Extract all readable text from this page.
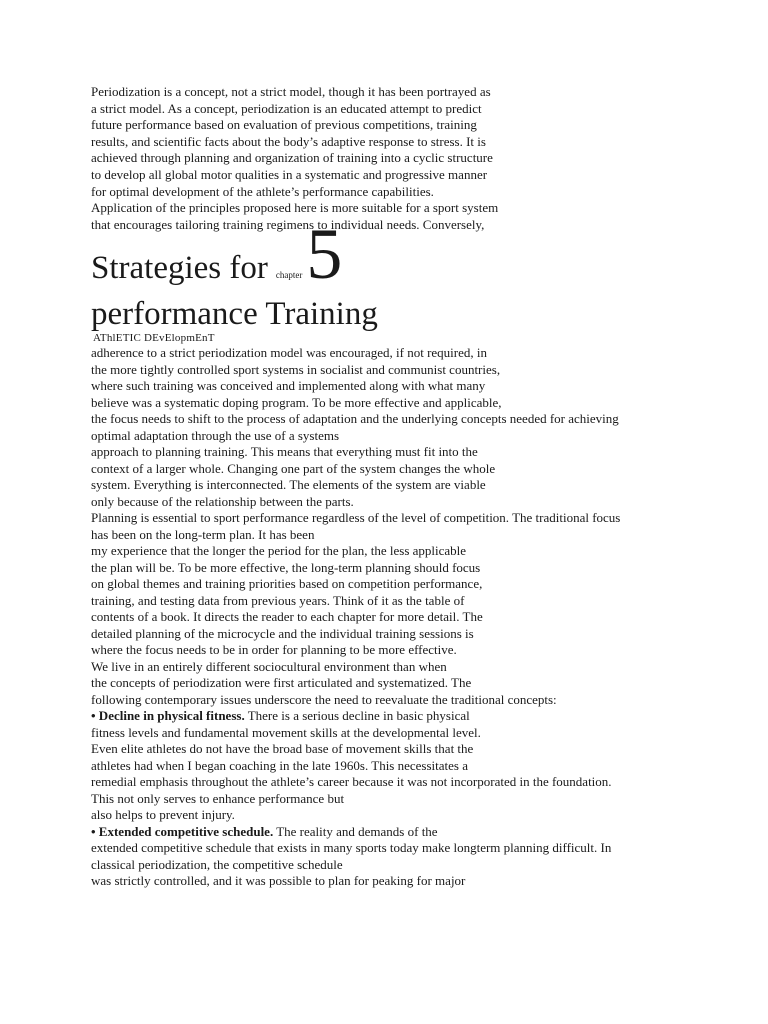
Periodization is a concept, not a strict model, though it has been portrayed as

a strict model. As a concept, periodization is an educated attempt to predict

future performance based on evaluation of previous competitions, training

results, and scientific facts about the body’s adaptive response to stress. It is

achieved through planning and organization of training into a cyclic structure

to develop all global motor qualities in a systematic and progressive manner

for optimal development of the athlete’s performance capabilities.

Application of the principles proposed here is more suitable for a sport system

that encourages tailoring training regimens to individual needs. Conversely,

Strategies for chapter 5
performance Training

AThlETIC DEvElopmEnT

adherence to a strict periodization model was encouraged, if not required, in

the more tightly controlled sport systems in socialist and communist countries,

where such training was conceived and implemented along with what many

believe was a systematic doping program. To be more effective and applicable,

the focus needs to shift to the process of adaptation and the underlying concepts needed for achieving

optimal adaptation through the use of a systems

approach to planning training. This means that everything must fit into the

context of a larger whole. Changing one part of the system changes the whole

system. Everything is interconnected. The elements of the system are viable

only because of the relationship between the parts.

Planning is essential to sport performance regardless of the level of competition. The traditional focus

has been on the long-term plan. It has been

my experience that the longer the period for the plan, the less applicable

the plan will be. To be more effective, the long-term planning should focus

on global themes and training priorities based on competition performance,

training, and testing data from previous years. Think of it as the table of

contents of a book. It directs the reader to each chapter for more detail. The

detailed planning of the microcycle and the individual training sessions is

where the focus needs to be in order for planning to be more effective.

We live in an entirely different sociocultural environment than when

the concepts of periodization were first articulated and systematized. The

following contemporary issues underscore the need to reevaluate the traditional concepts:

• Decline in physical fitness. There is a serious decline in basic physical

fitness levels and fundamental movement skills at the developmental level.

Even elite athletes do not have the broad base of movement skills that the

athletes had when I began coaching in the late 1960s. This necessitates a

remedial emphasis throughout the athlete’s career because it was not incorporated in the foundation.

This not only serves to enhance performance but

also helps to prevent injury.

• Extended competitive schedule. The reality and demands of the

extended competitive schedule that exists in many sports today make longterm planning difficult. In

classical periodization, the competitive schedule

was strictly controlled, and it was possible to plan for peaking for major
